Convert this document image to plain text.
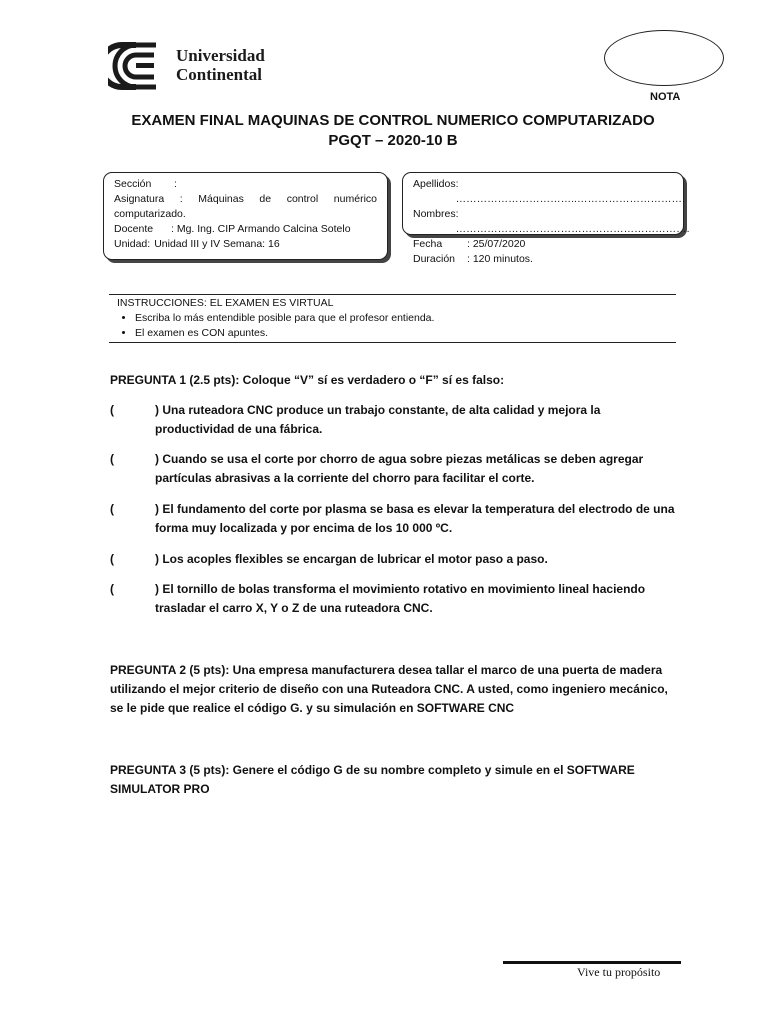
Universidad
Continental
NOTA
EXAMEN FINAL MAQUINAS DE CONTROL NUMERICO COMPUTARIZADO
PGQT – 2020-10 B
Sección	:
Asignatura : Máquinas de control numérico computarizado.
Docente	: Mg. Ing. CIP Armando Calcina Sotelo
Unidad: Unidad III y IV Semana: 16
Apellidos : ……………………………..………………………….
Nombres : ………………………………………………………….
Fecha	: 25/07/2020
Duración	: 120 minutos.
INSTRUCCIONES: EL EXAMEN ES VIRTUAL
• Escriba lo más entendible posible para que el profesor entienda.
• El examen es CON apuntes.
PREGUNTA 1 (2.5 pts): Coloque “V” sí es verdadero o “F” sí es falso:
(	) Una ruteadora CNC produce un trabajo constante, de alta calidad y mejora la productividad de una fábrica.
(	) Cuando se usa el corte por chorro de agua sobre piezas metálicas se deben agregar partículas abrasivas a la corriente del chorro para facilitar el corte.
(	) El fundamento del corte por plasma se basa es elevar la temperatura del electrodo de una forma muy localizada y por encima de los 10 000 ºC.
(	) Los acoples flexibles se encargan de lubricar el motor paso a paso.
(	) El tornillo de bolas transforma el movimiento rotativo en movimiento lineal haciendo trasladar el carro X, Y o Z de una ruteadora CNC.
PREGUNTA 2 (5 pts): Una empresa manufacturera desea tallar el marco de una puerta de madera utilizando el mejor criterio de diseño con una Ruteadora CNC. A usted, como ingeniero mecánico, se le pide que realice el código G. y su simulación en SOFTWARE CNC
PREGUNTA 3 (5 pts): Genere el código G de su nombre completo y simule en el SOFTWARE SIMULATOR PRO
Vive tu propósito
